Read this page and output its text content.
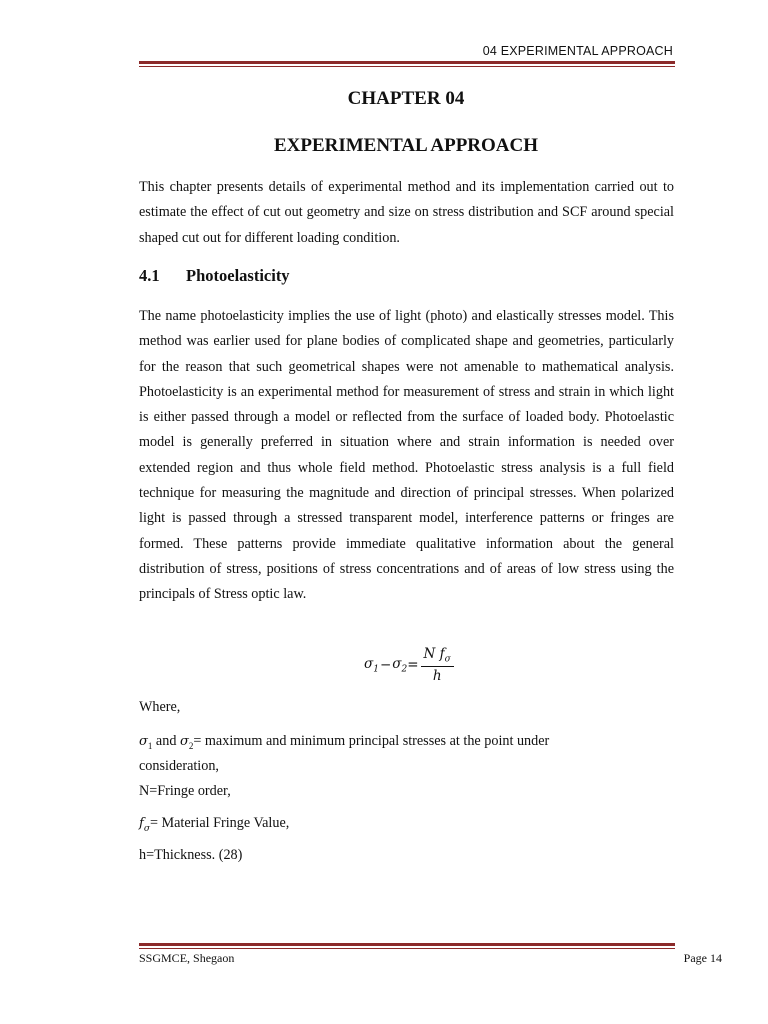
04 EXPERIMENTAL APPROACH
CHAPTER 04
EXPERIMENTAL APPROACH

This chapter presents details of experimental method and its implementation carried out to estimate the effect of cut out geometry and size on stress distribution and SCF around special shaped cut out for different loading condition.

4.1 Photoelasticity

The name photoelasticity implies the use of light (photo) and elastically stresses model. This method was earlier used for plane bodies of complicated shape and geometries, particularly for the reason that such geometrical shapes were not amenable to mathematical analysis. Photoelasticity is an experimental method for measurement of stress and strain in which light is either passed through a model or reflected from the surface of loaded body. Photoelastic model is generally preferred in situation where and strain information is needed over extended region and thus whole field method. Photoelastic stress analysis is a full field technique for measuring the magnitude and direction of principal stresses. When polarized light is passed through a stressed transparent model, interference patterns or fringes are formed. These patterns provide immediate qualitative information about the general distribution of stress, positions of stress concentrations and of areas of low stress using the principals of Stress optic law.

$\sigma_1 - \sigma_2 = \frac{N f_\sigma}{h}$
Where,
$\sigma_1$ and $\sigma_2=$ maximum and minimum principal stresses at the point under
consideration,
N=Fringe order,
$f_\sigma=$ Material Fringe Value,
h=Thickness. (28)
SSGMCE, Shegaon	Page 14
